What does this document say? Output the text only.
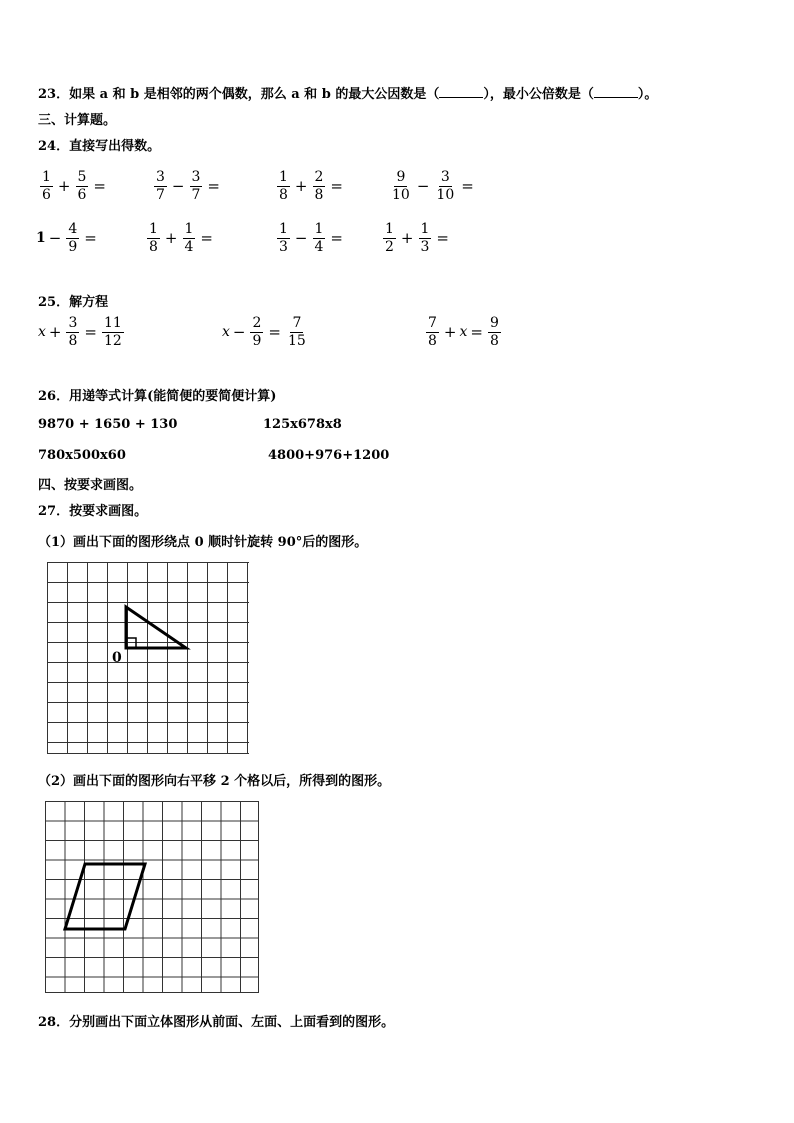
23．如果 a 和 b 是相邻的两个偶数，那么 a 和 b 的最大公因数是（	），最小公倍数是（	）。
三、计算题。
24．直接写出得数。
$\frac{1}{6} + \frac{5}{6}$ =	$\frac{3}{7} - \frac{3}{7}$ =	$\frac{1}{8} + \frac{2}{8}$ =	$\frac{9}{10} - \frac{3}{10}$ =
$1 - \frac{4}{9}$ =	$\frac{1}{8} + \frac{1}{4}$ =	$\frac{1}{3} - \frac{1}{4}$ =	$\frac{1}{2} + \frac{1}{3}$ =
25．解方程
$x + \frac{3}{8} = \frac{11}{12}$	$x - \frac{2}{9} = \frac{7}{15}$	$\frac{7}{8} + x = \frac{9}{8}$
26．用递等式计算(能简便的要简便计算)
9870 + 1650 + 130	125x678x8
780x500x60	4800+976+1200
四、按要求画图。
27．按要求画图。
（1）画出下面的图形绕点 0 顺时针旋转 90°后的图形。
0
（2）画出下面的图形向右平移 2 个格以后，所得到的图形。
28．分别画出下面立体图形从前面、左面、上面看到的图形。
